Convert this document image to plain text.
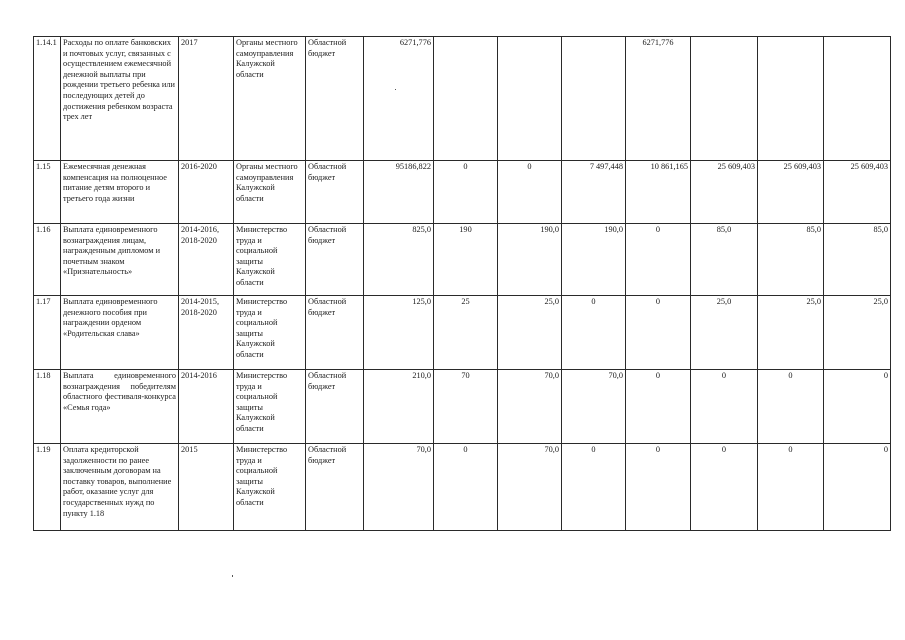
1.14.1	Расходы по оплате банковских и почтовых услуг, связанных с осуществлением ежемесячной денежной выплаты при рождении третьего ребенка или последующих детей до достижения ребенком возраста трех лет	2017	Органы местного самоуправления Калужской области	Областной бюджет	6271,776				6271,776			
1.15	Ежемесячная денежная компенсация на полноценное питание детям второго и третьего года жизни	2016-2020	Органы местного самоуправления Калужской области	Областной бюджет	95186,822	0	0	7 497,448	10 861,165	25 609,403	25 609,403	25 609,403
1.16	Выплата единовременного вознаграждения лицам, награжденным дипломом и почетным знаком «Признательность»	2014-2016, 2018-2020	Министерство труда и социальной защиты Калужской области	Областной бюджет	825,0	190	190,0	190,0	0	85,0	85,0	85,0
1.17	Выплата единовременного денежного пособия при награждении орденом «Родительская слава»	2014-2015, 2018-2020	Министерство труда и социальной защиты Калужской области	Областной бюджет	125,0	25	25,0	0	0	25,0	25,0	25,0
1.18	Выплата единовременного вознаграждения победителям областного фестиваля-конкурса «Семья года»	2014-2016	Министерство труда и социальной защиты Калужской области	Областной бюджет	210,0	70	70,0	70,0	0	0	0	0
1.19	Оплата кредиторской задолженности по ранее заключенным договорам на поставку товаров, выполнение работ, оказание услуг для государственных нужд по пункту 1.18	2015	Министерство труда и социальной защиты Калужской области	Областной бюджет	70,0	0	70,0	0	0	0	0	0
